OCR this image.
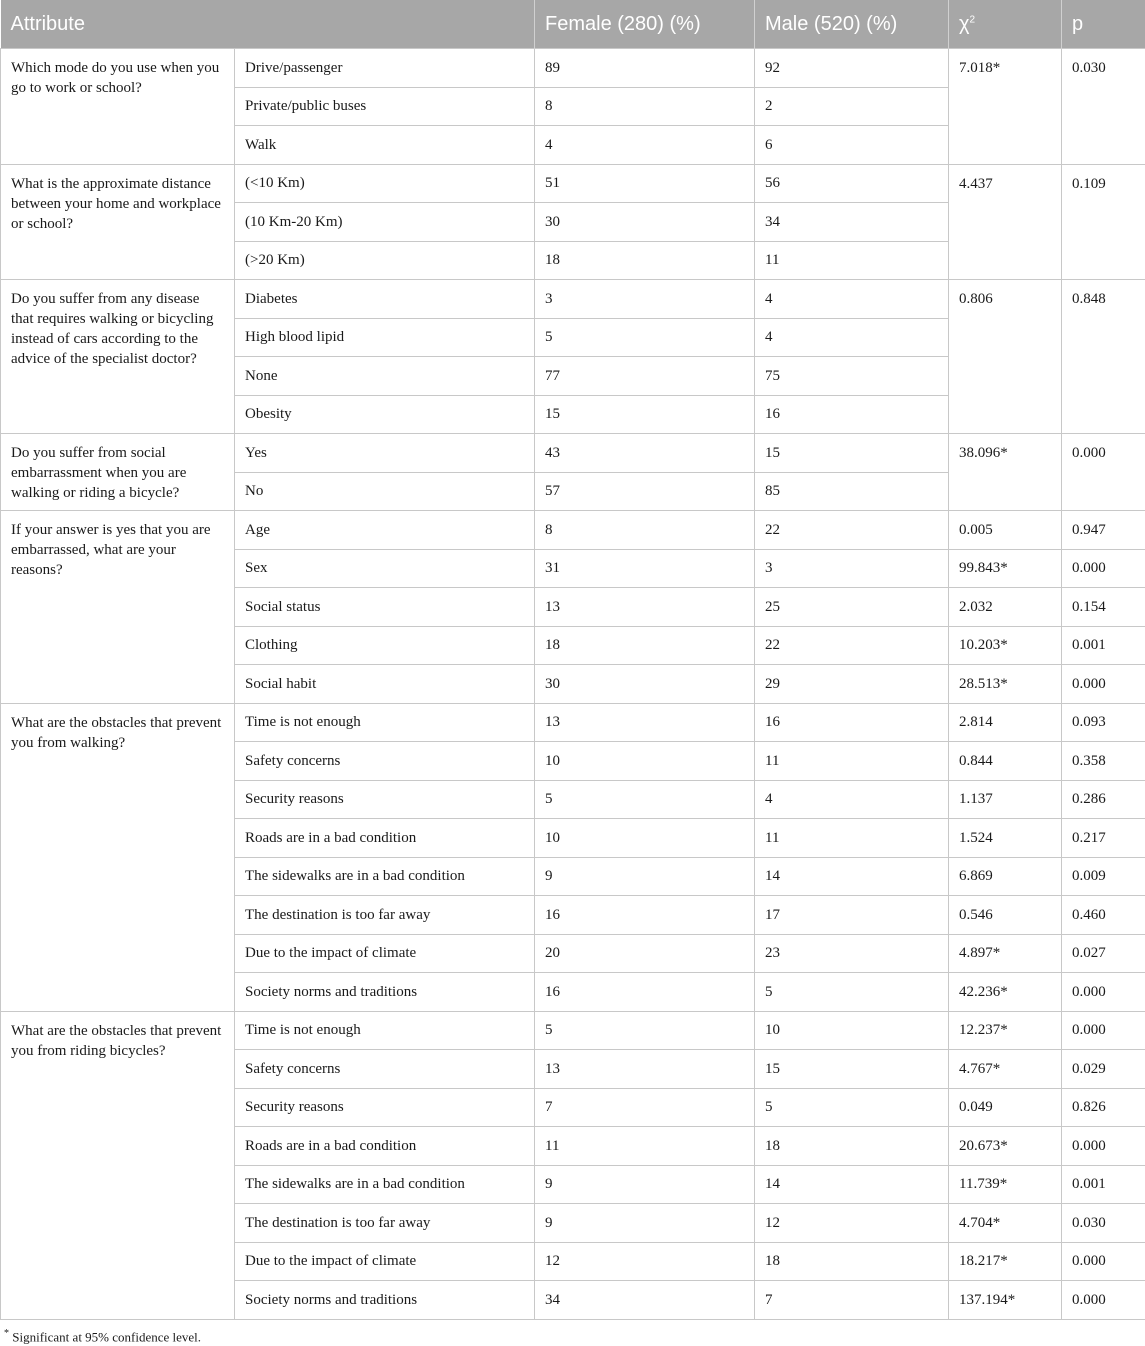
Attribute		Female (280) (%)	Male (520) (%)	$\chi^2$	p
Which mode do you use when you go to work or school?	Drive/passenger	89	92	7.018*	0.030
	Private/public buses	8	2		
	Walk	4	6		
What is the approximate distance between your home and workplace or school?	(<10 Km)	51	56	4.437	0.109
	(10 Km-20 Km)	30	34		
	(>20 Km)	18	11		
Do you suffer from any disease that requires walking or bicycling instead of cars according to the advice of the specialist doctor?	Diabetes	3	4	0.806	0.848
	High blood lipid	5	4		
	None	77	75		
	Obesity	15	16		
Do you suffer from social embarrassment when you are walking or riding a bicycle?	Yes	43	15	38.096*	0.000
	No	57	85		
If your answer is yes that you are embarrassed, what are your reasons?	Age	8	22	0.005	0.947
	Sex	31	3	99.843*	0.000
	Social status	13	25	2.032	0.154
	Clothing	18	22	10.203*	0.001
	Social habit	30	29	28.513*	0.000
What are the obstacles that prevent you from walking?	Time is not enough	13	16	2.814	0.093
	Safety concerns	10	11	0.844	0.358
	Security reasons	5	4	1.137	0.286
	Roads are in a bad condition	10	11	1.524	0.217
	The sidewalks are in a bad condition	9	14	6.869	0.009
	The destination is too far away	16	17	0.546	0.460
	Due to the impact of climate	20	23	4.897*	0.027
	Society norms and traditions	16	5	42.236*	0.000
What are the obstacles that prevent you from riding bicycles?	Time is not enough	5	10	12.237*	0.000
	Safety concerns	13	15	4.767*	0.029
	Security reasons	7	5	0.049	0.826
	Roads are in a bad condition	11	18	20.673*	0.000
	The sidewalks are in a bad condition	9	14	11.739*	0.001
	The destination is too far away	9	12	4.704*	0.030
	Due to the impact of climate	12	18	18.217*	0.000
	Society norms and traditions	34	7	137.194*	0.000
* Significant at 95% confidence level.
